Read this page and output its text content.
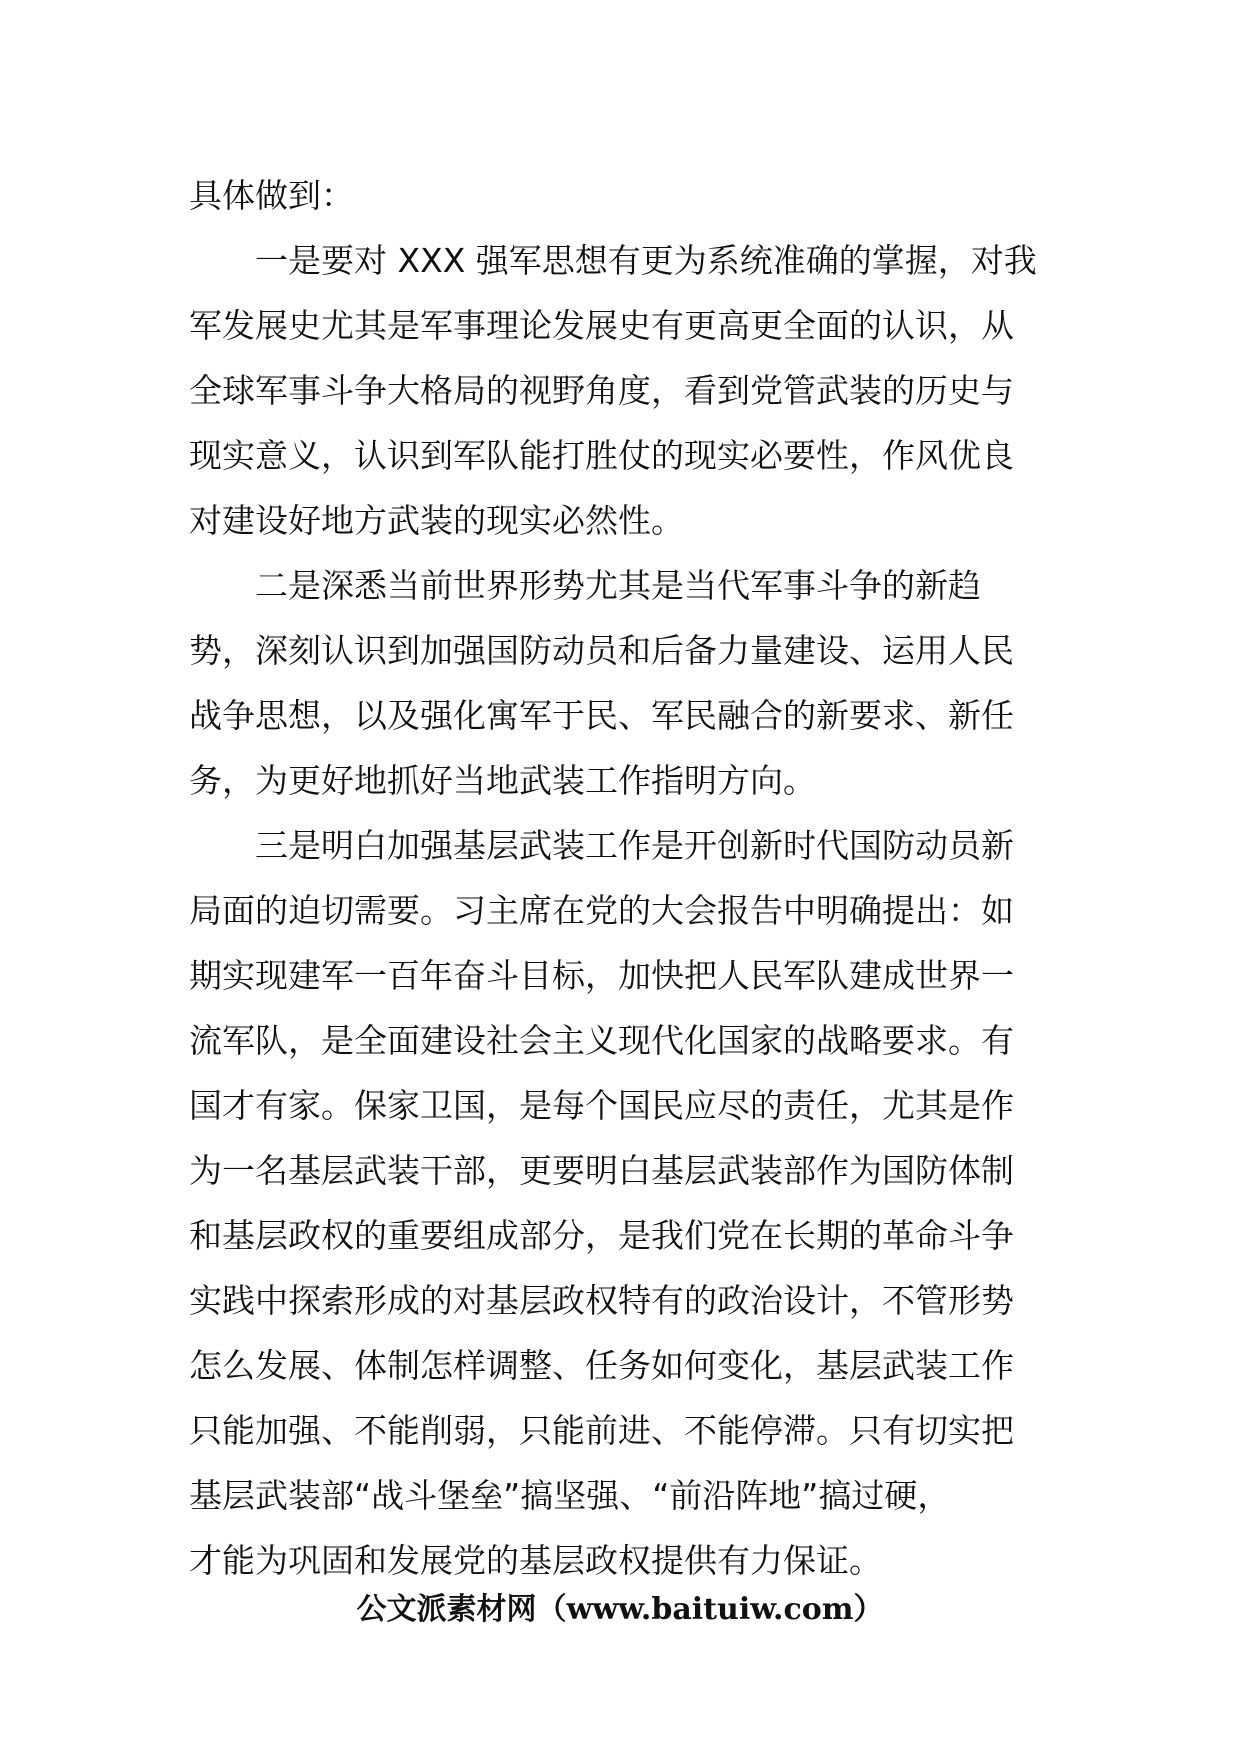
具体做到：
一是要对 XXX 强军思想有更为系统准确的掌握，对我
军发展史尤其是军事理论发展史有更高更全面的认识，从
全球军事斗争大格局的视野角度，看到党管武装的历史与
现实意义，认识到军队能打胜仗的现实必要性，作风优良
对建设好地方武装的现实必然性。
二是深悉当前世界形势尤其是当代军事斗争的新趋
势，深刻认识到加强国防动员和后备力量建设、运用人民
战争思想，以及强化寓军于民、军民融合的新要求、新任
务，为更好地抓好当地武装工作指明方向。
三是明白加强基层武装工作是开创新时代国防动员新
局面的迫切需要。习主席在党的大会报告中明确提出：如
期实现建军一百年奋斗目标，加快把人民军队建成世界一
流军队，是全面建设社会主义现代化国家的战略要求。有
国才有家。保家卫国，是每个国民应尽的责任，尤其是作
为一名基层武装干部，更要明白基层武装部作为国防体制
和基层政权的重要组成部分，是我们党在长期的革命斗争
实践中探索形成的对基层政权特有的政治设计，不管形势
怎么发展、体制怎样调整、任务如何变化，基层武装工作
只能加强、不能削弱，只能前进、不能停滞。只有切实把
基层武装部“战斗堡垒”搞坚强、“前沿阵地”搞过硬，
才能为巩固和发展党的基层政权提供有力保证。
公文派素材网（www.baituiw.com）
